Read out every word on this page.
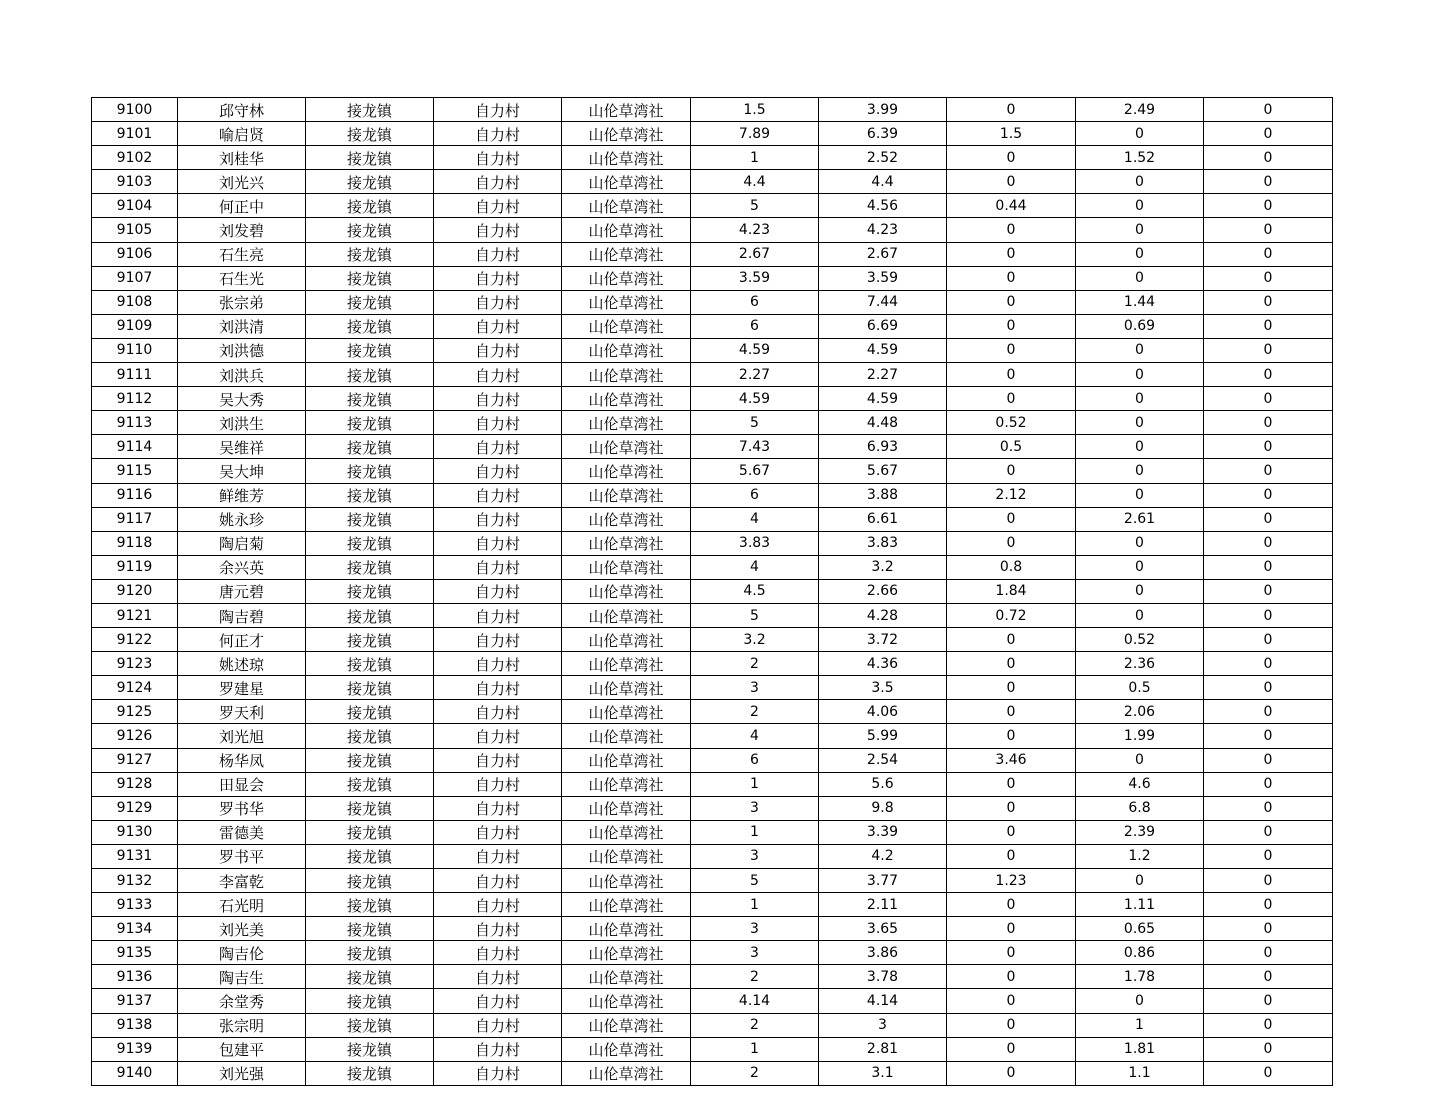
9100	邱守林	接龙镇	自力村	山伦草湾社	1.5	3.99	0	2.49	0
9101	喻启贤	接龙镇	自力村	山伦草湾社	7.89	6.39	1.5	0	0
9102	刘桂华	接龙镇	自力村	山伦草湾社	1	2.52	0	1.52	0
9103	刘光兴	接龙镇	自力村	山伦草湾社	4.4	4.4	0	0	0
9104	何正中	接龙镇	自力村	山伦草湾社	5	4.56	0.44	0	0
9105	刘发碧	接龙镇	自力村	山伦草湾社	4.23	4.23	0	0	0
9106	石生亮	接龙镇	自力村	山伦草湾社	2.67	2.67	0	0	0
9107	石生光	接龙镇	自力村	山伦草湾社	3.59	3.59	0	0	0
9108	张宗弟	接龙镇	自力村	山伦草湾社	6	7.44	0	1.44	0
9109	刘洪清	接龙镇	自力村	山伦草湾社	6	6.69	0	0.69	0
9110	刘洪德	接龙镇	自力村	山伦草湾社	4.59	4.59	0	0	0
9111	刘洪兵	接龙镇	自力村	山伦草湾社	2.27	2.27	0	0	0
9112	吴大秀	接龙镇	自力村	山伦草湾社	4.59	4.59	0	0	0
9113	刘洪生	接龙镇	自力村	山伦草湾社	5	4.48	0.52	0	0
9114	吴维祥	接龙镇	自力村	山伦草湾社	7.43	6.93	0.5	0	0
9115	吴大坤	接龙镇	自力村	山伦草湾社	5.67	5.67	0	0	0
9116	鲜维芳	接龙镇	自力村	山伦草湾社	6	3.88	2.12	0	0
9117	姚永珍	接龙镇	自力村	山伦草湾社	4	6.61	0	2.61	0
9118	陶启菊	接龙镇	自力村	山伦草湾社	3.83	3.83	0	0	0
9119	余兴英	接龙镇	自力村	山伦草湾社	4	3.2	0.8	0	0
9120	唐元碧	接龙镇	自力村	山伦草湾社	4.5	2.66	1.84	0	0
9121	陶吉碧	接龙镇	自力村	山伦草湾社	5	4.28	0.72	0	0
9122	何正才	接龙镇	自力村	山伦草湾社	3.2	3.72	0	0.52	0
9123	姚述琼	接龙镇	自力村	山伦草湾社	2	4.36	0	2.36	0
9124	罗建星	接龙镇	自力村	山伦草湾社	3	3.5	0	0.5	0
9125	罗天利	接龙镇	自力村	山伦草湾社	2	4.06	0	2.06	0
9126	刘光旭	接龙镇	自力村	山伦草湾社	4	5.99	0	1.99	0
9127	杨华凤	接龙镇	自力村	山伦草湾社	6	2.54	3.46	0	0
9128	田显会	接龙镇	自力村	山伦草湾社	1	5.6	0	4.6	0
9129	罗书华	接龙镇	自力村	山伦草湾社	3	9.8	0	6.8	0
9130	雷德美	接龙镇	自力村	山伦草湾社	1	3.39	0	2.39	0
9131	罗书平	接龙镇	自力村	山伦草湾社	3	4.2	0	1.2	0
9132	李富乾	接龙镇	自力村	山伦草湾社	5	3.77	1.23	0	0
9133	石光明	接龙镇	自力村	山伦草湾社	1	2.11	0	1.11	0
9134	刘光美	接龙镇	自力村	山伦草湾社	3	3.65	0	0.65	0
9135	陶吉伦	接龙镇	自力村	山伦草湾社	3	3.86	0	0.86	0
9136	陶吉生	接龙镇	自力村	山伦草湾社	2	3.78	0	1.78	0
9137	余堂秀	接龙镇	自力村	山伦草湾社	4.14	4.14	0	0	0
9138	张宗明	接龙镇	自力村	山伦草湾社	2	3	0	1	0
9139	包建平	接龙镇	自力村	山伦草湾社	1	2.81	0	1.81	0
9140	刘光强	接龙镇	自力村	山伦草湾社	2	3.1	0	1.1	0
